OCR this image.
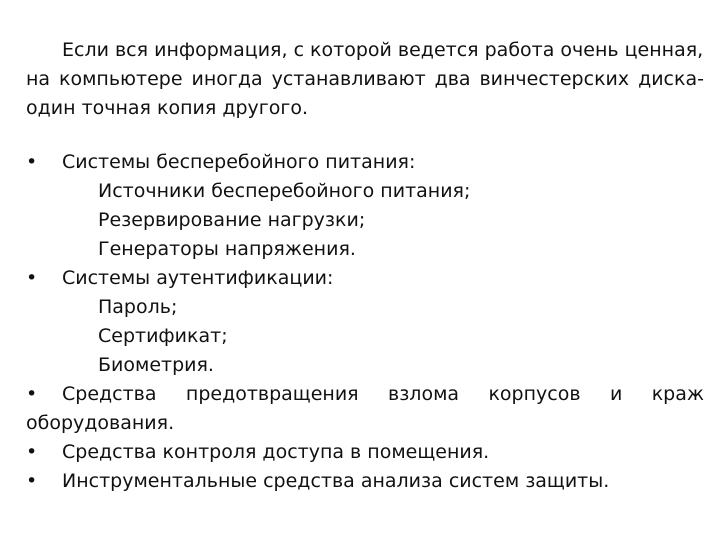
Если вся информация, с которой ведется работа очень ценная,
на компьютере иногда устанавливают два винчестерских диска-
один точная копия другого.
• Системы бесперебойного питания:
Источники бесперебойного питания;
Резервирование нагрузки;
Генераторы напряжения.
• Системы аутентификации:
Пароль;
Сертификат;
Биометрия.
• Средства предотвращения взлома корпусов и краж
оборудования.
• Средства контроля доступа в помещения.
• Инструментальные средства анализа систем защиты.
